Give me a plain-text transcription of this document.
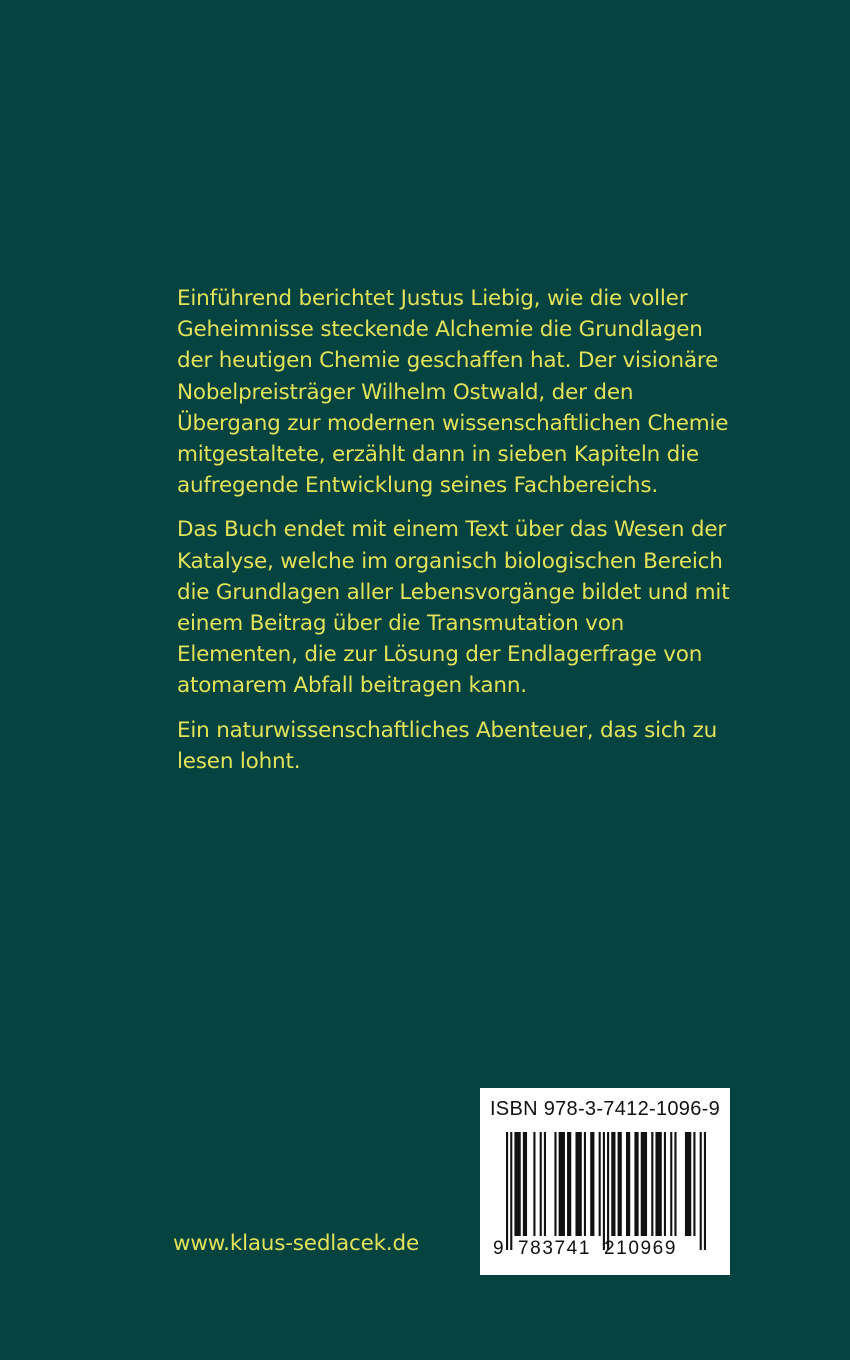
Einführend berichtet Justus Liebig, wie die voller Geheimnisse steckende Alchemie die Grundlagen der heutigen Chemie geschaffen hat. Der visionäre Nobelpreisträger Wilhelm Ostwald, der den Übergang zur modernen wissenschaftlichen Chemie mitgestaltete, erzählt dann in sieben Kapiteln die aufregende Entwicklung seines Fachbereichs.

Das Buch endet mit einem Text über das Wesen der Katalyse, welche im organisch biologischen Bereich die Grundlagen aller Lebensvorgänge bildet und mit einem Beitrag über die Transmutation von Elementen, die zur Lösung der Endlagerfrage von atomarem Abfall beitragen kann.

Ein naturwissenschaftliches Abenteuer, das sich zu lesen lohnt.

www.klaus-sedlacek.de
ISBN 978-3-7412-1096-9
9 783741 210969
